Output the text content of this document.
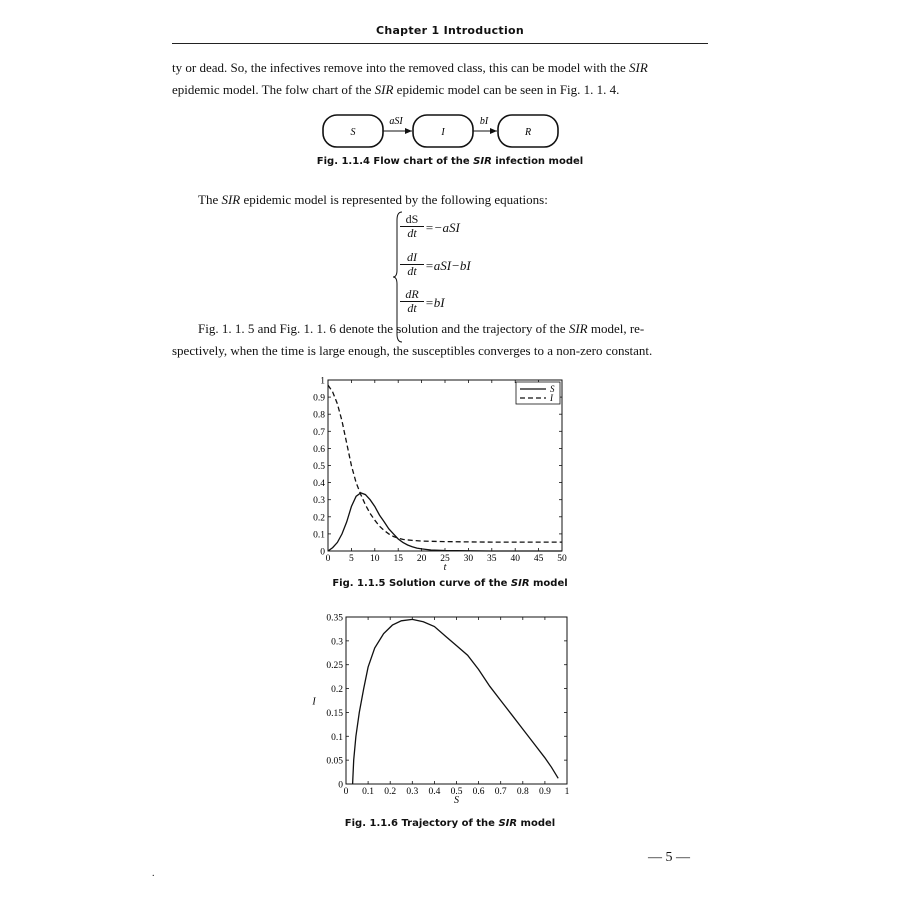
Chapter 1 Introduction

ty or dead. So, the infectives remove into the removed class, this can be model with the SIR

epidemic model. The folw chart of the SIR epidemic model can be seen in Fig. 1. 1. 4.

S	I	R
aSI	bI
Fig. 1.1.4 Flow chart of the SIR infection model

The SIR epidemic model is represented by the following equations:

$\frac{dS}{dt} =-aSI$
$\frac{dI}{dt} =aSI-bI$
$\frac{dR}{dt} =bI$

Fig. 1. 1. 5 and Fig. 1. 1. 6 denote the solution and the trajectory of the SIR model, re-

spectively, when the time is large enough, the susceptibles converges to a non-zero constant.

0 5 10 15 20 25 30 35 40 45 50
0
0.1
0.2
0.3
0.4
0.5
0.6
0.7
0.8
0.9
1
t
S
I
Fig. 1.1.5 Solution curve of the SIR model
0 0.1 0.2 0.3 0.4 0.5 0.6 0.7 0.8 0.9 1
0
0.05
0.1
0.15
0.2
0.25
0.3
0.35
S
I
Fig. 1.1.6 Trajectory of the SIR model
— 5 —
.
